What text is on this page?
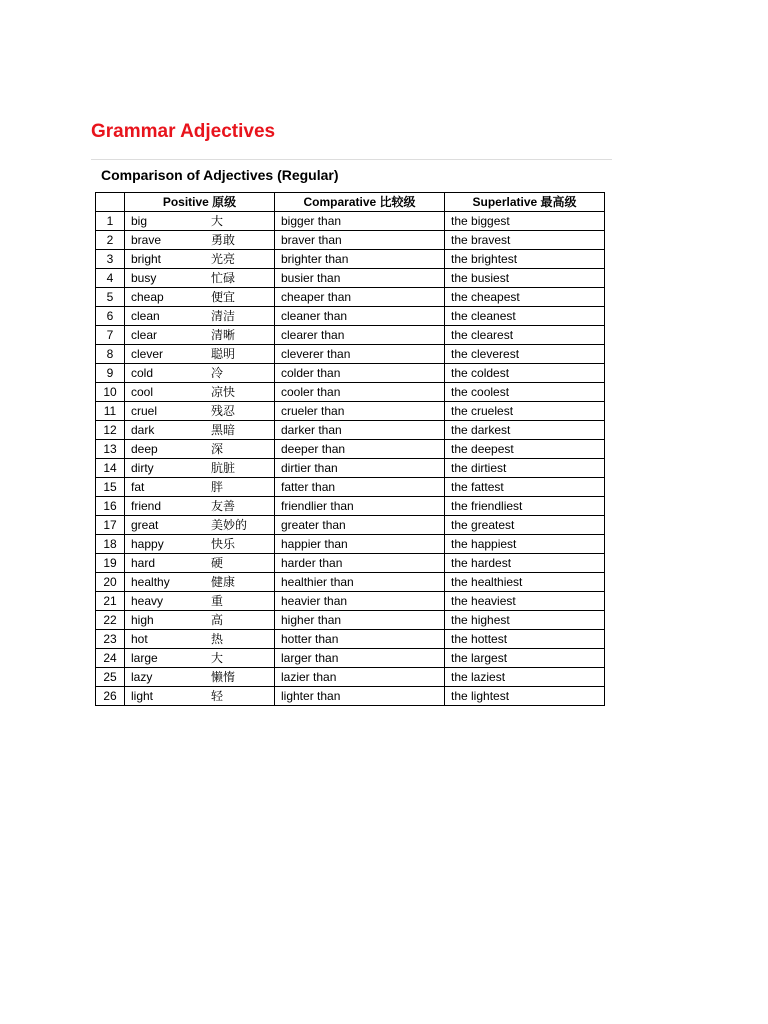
Grammar Adjectives
Comparison of Adjectives (Regular)
	Positive 原级	Comparative 比较级	Superlative 最高级
1	big 大	bigger than	the biggest
2	brave 勇敢	braver than	the bravest
3	bright 光亮	brighter than	the brightest
4	busy 忙碌	busier than	the busiest
5	cheap 便宜	cheaper than	the cheapest
6	clean 清洁	cleaner than	the cleanest
7	clear 清晰	clearer than	the clearest
8	clever 聪明	cleverer than	the cleverest
9	cold 冷	colder than	the coldest
10	cool 凉快	cooler than	the coolest
11	cruel 残忍	crueler than	the cruelest
12	dark 黑暗	darker than	the darkest
13	deep 深	deeper than	the deepest
14	dirty 肮脏	dirtier than	the dirtiest
15	fat 胖	fatter than	the fattest
16	friend 友善	friendlier than	the friendliest
17	great 美妙的	greater than	the greatest
18	happy 快乐	happier than	the happiest
19	hard 硬	harder than	the hardest
20	healthy 健康	healthier than	the healthiest
21	heavy 重	heavier than	the heaviest
22	high 高	higher than	the highest
23	hot 热	hotter than	the hottest
24	large 大	larger than	the largest
25	lazy 懒惰	lazier than	the laziest
26	light 轻	lighter than	the lightest
